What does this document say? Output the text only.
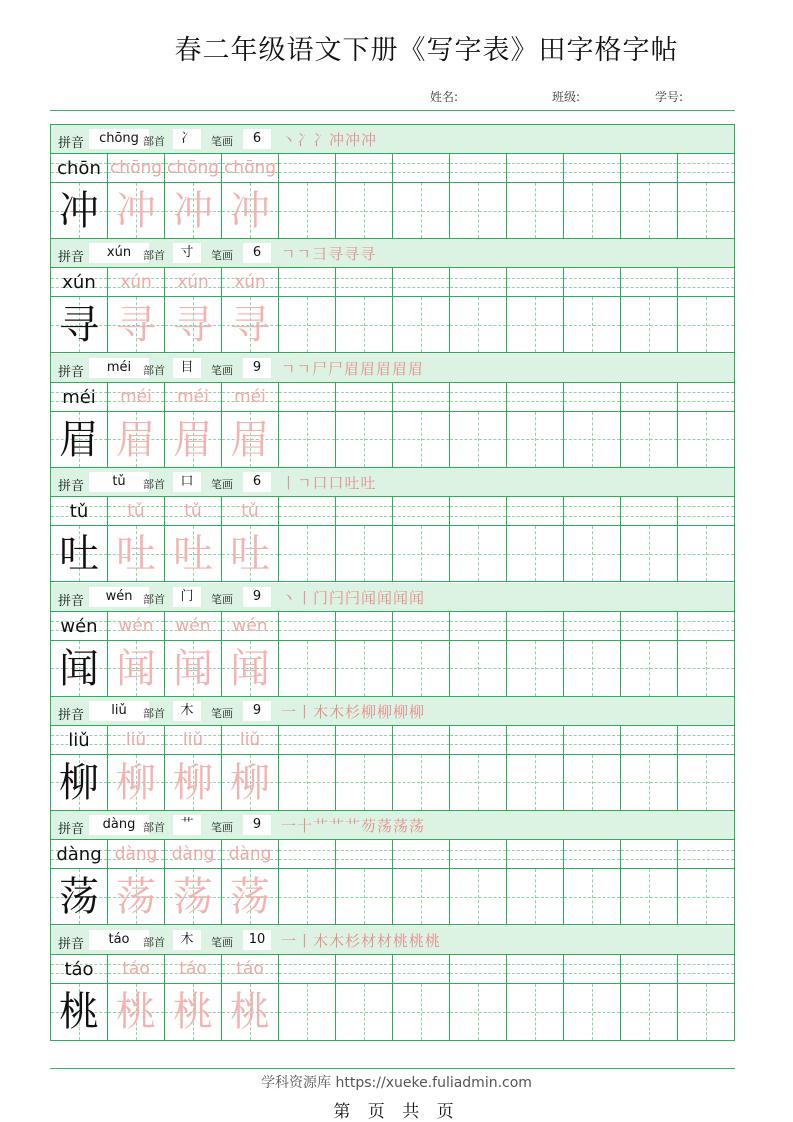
春二年级语文下册《写字表》田字格字帖
姓名:	班级:	学号:
拼音	chōng 部首	冫	笔画	6	丶冫冫冲冲冲
chōn chōng chōng chōng
冲 冲 冲 冲
拼音	xún	部首	寸	笔画	6	ㄱㄱ彐寻寻寻
xún	xún	xún	xún
寻 寻 寻 寻
拼音	méi	部首	目	笔画	9	ㄱㄱ尸尸眉眉眉眉眉
méi	méi	méi	méi
眉 眉 眉 眉
拼音	tǔ	部首	口	笔画	6	丨ㄱ口口吐吐
tǔ	tǔ	tǔ	tǔ
吐 吐 吐 吐
拼音	wén 部首	门	笔画	9	丶丨门闩闩闻闻闻闻
wén	wén	wén	wén
闻 闻 闻 闻
拼音	liǔ	部首	木	笔画	9	一丨木木杉柳柳柳柳
liǔ	liǔ	liǔ	liǔ
柳 柳 柳 柳
拼音	dàng 部首	艹	笔画	9	一十艹艹艹芴荡荡荡
dàng dàng dàng dàng
荡 荡 荡 荡
拼音	táo	部首	木	笔画	10	一丨木木杉材材桃桃桃
táo	táo	táo	táo
桃 桃 桃 桃
学科资源库 https://xueke.fuliadmin.com
第 页 共 页
